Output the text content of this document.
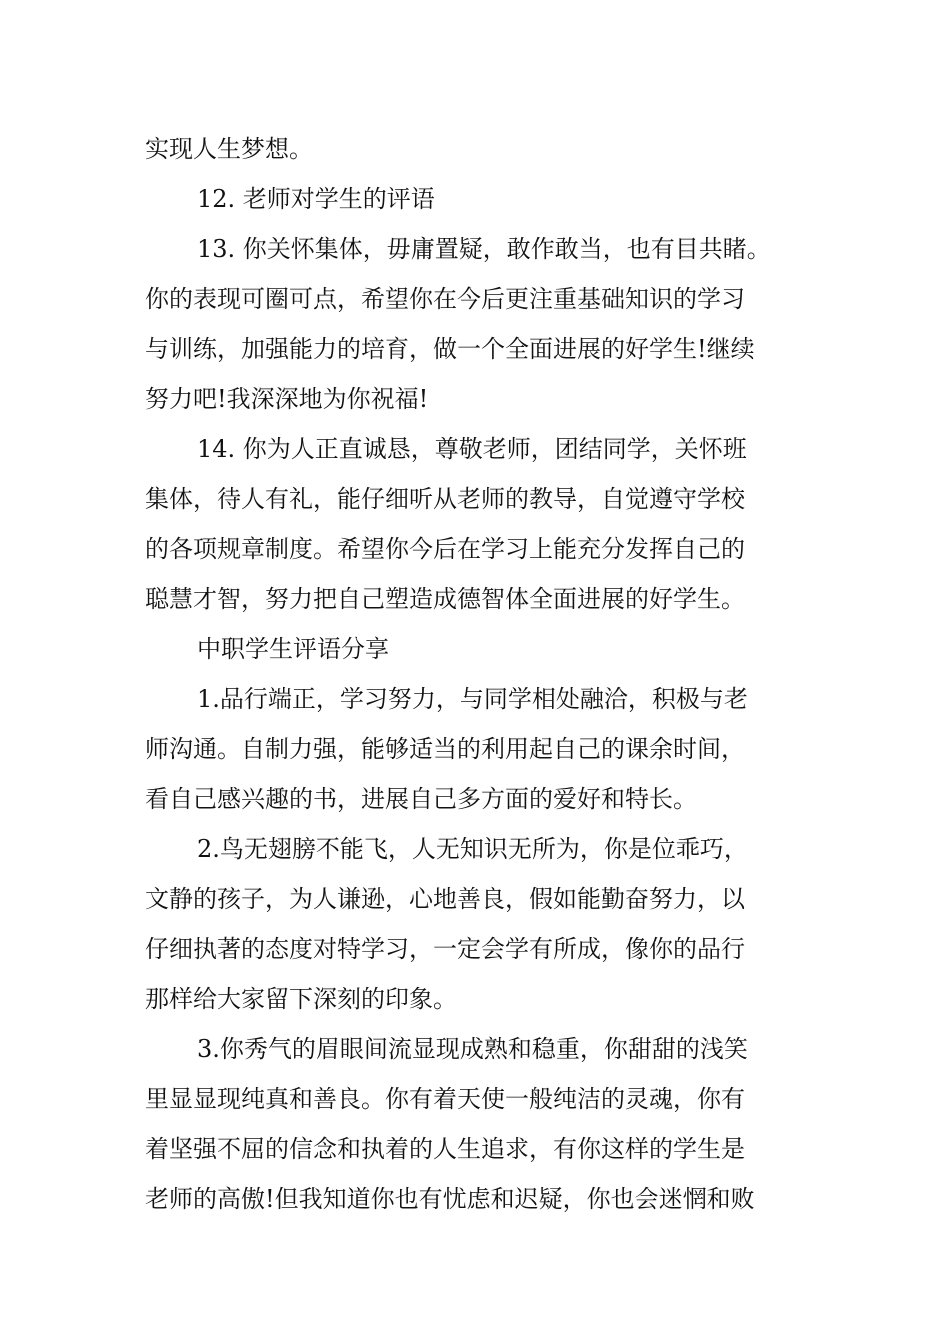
实现人生梦想。
12. 老师对学生的评语
13. 你关怀集体，毋庸置疑，敢作敢当，也有目共睹。
你的表现可圈可点，希望你在今后更注重基础知识的学习
与训练，加强能力的培育，做一个全面进展的好学生!继续
努力吧!我深深地为你祝福!
14. 你为人正直诚恳，尊敬老师，团结同学，关怀班
集体，待人有礼，能仔细听从老师的教导，自觉遵守学校
的各项规章制度。希望你今后在学习上能充分发挥自己的
聪慧才智，努力把自己塑造成德智体全面进展的好学生。
中职学生评语分享
1.品行端正，学习努力，与同学相处融洽，积极与老
师沟通。自制力强，能够适当的利用起自己的课余时间，
看自己感兴趣的书，进展自己多方面的爱好和特长。
2.鸟无翅膀不能飞，人无知识无所为，你是位乖巧，
文静的孩子，为人谦逊，心地善良，假如能勤奋努力，以
仔细执著的态度对特学习，一定会学有所成，像你的品行
那样给大家留下深刻的印象。
3.你秀气的眉眼间流显现成熟和稳重，你甜甜的浅笑
里显显现纯真和善良。你有着天使一般纯洁的灵魂，你有
着坚强不屈的信念和执着的人生追求，有你这样的学生是
老师的高傲!但我知道你也有忧虑和迟疑，你也会迷惘和败
